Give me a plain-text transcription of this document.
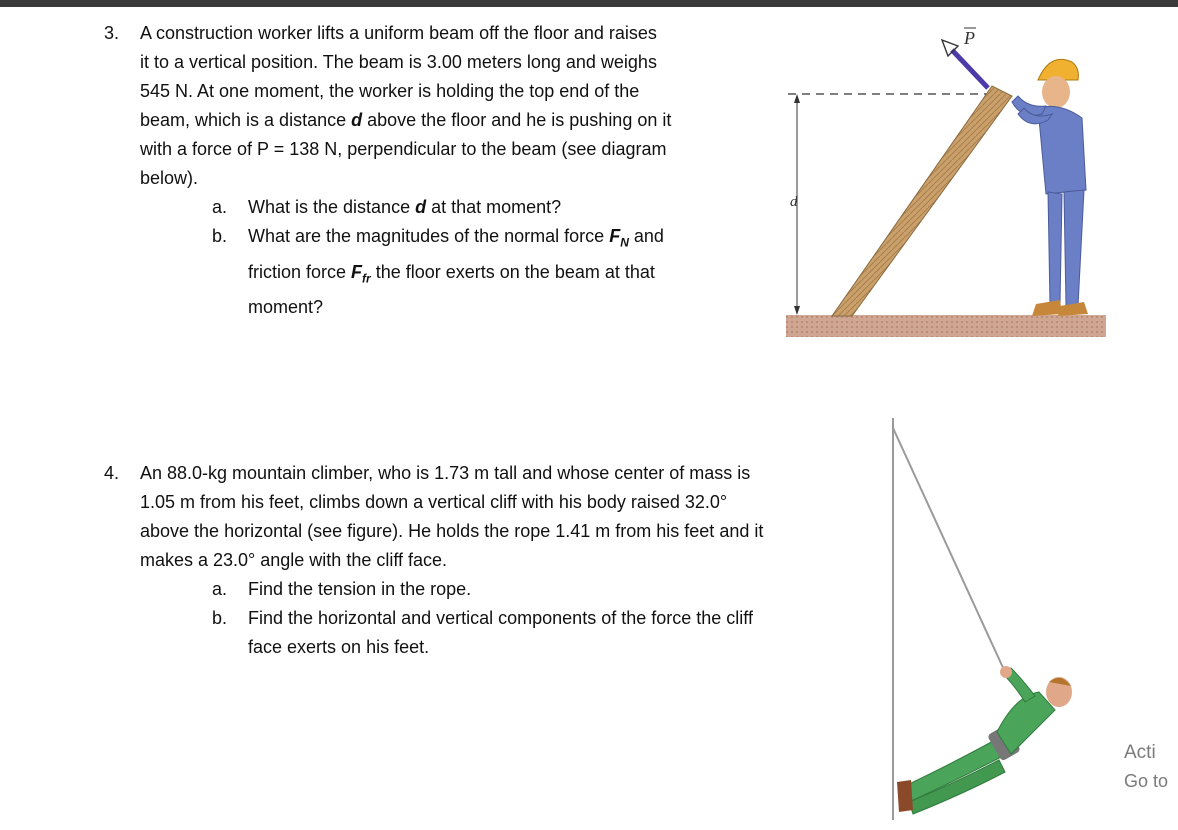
3. A construction worker lifts a uniform beam off the floor and raises
it to a vertical position. The beam is 3.00 meters long and weighs
545 N. At one moment, the worker is holding the top end of the
beam, which is a distance d above the floor and he is pushing on it
with a force of P = 138 N, perpendicular to the beam (see diagram
below).
a. What is the distance d at that moment?
b. What are the magnitudes of the normal force $F_N$ and
friction force $F_{fr}$ the floor exerts on the beam at that
moment?
d
P
4. An 88.0-kg mountain climber, who is 1.73 m tall and whose center of mass is
1.05 m from his feet, climbs down a vertical cliff with his body raised 32.0°
above the horizontal (see figure). He holds the rope 1.41 m from his feet and it
makes a 23.0° angle with the cliff face.
a. Find the tension in the rope.
b. Find the horizontal and vertical components of the force the cliff
face exerts on his feet.
Acti
Go to
